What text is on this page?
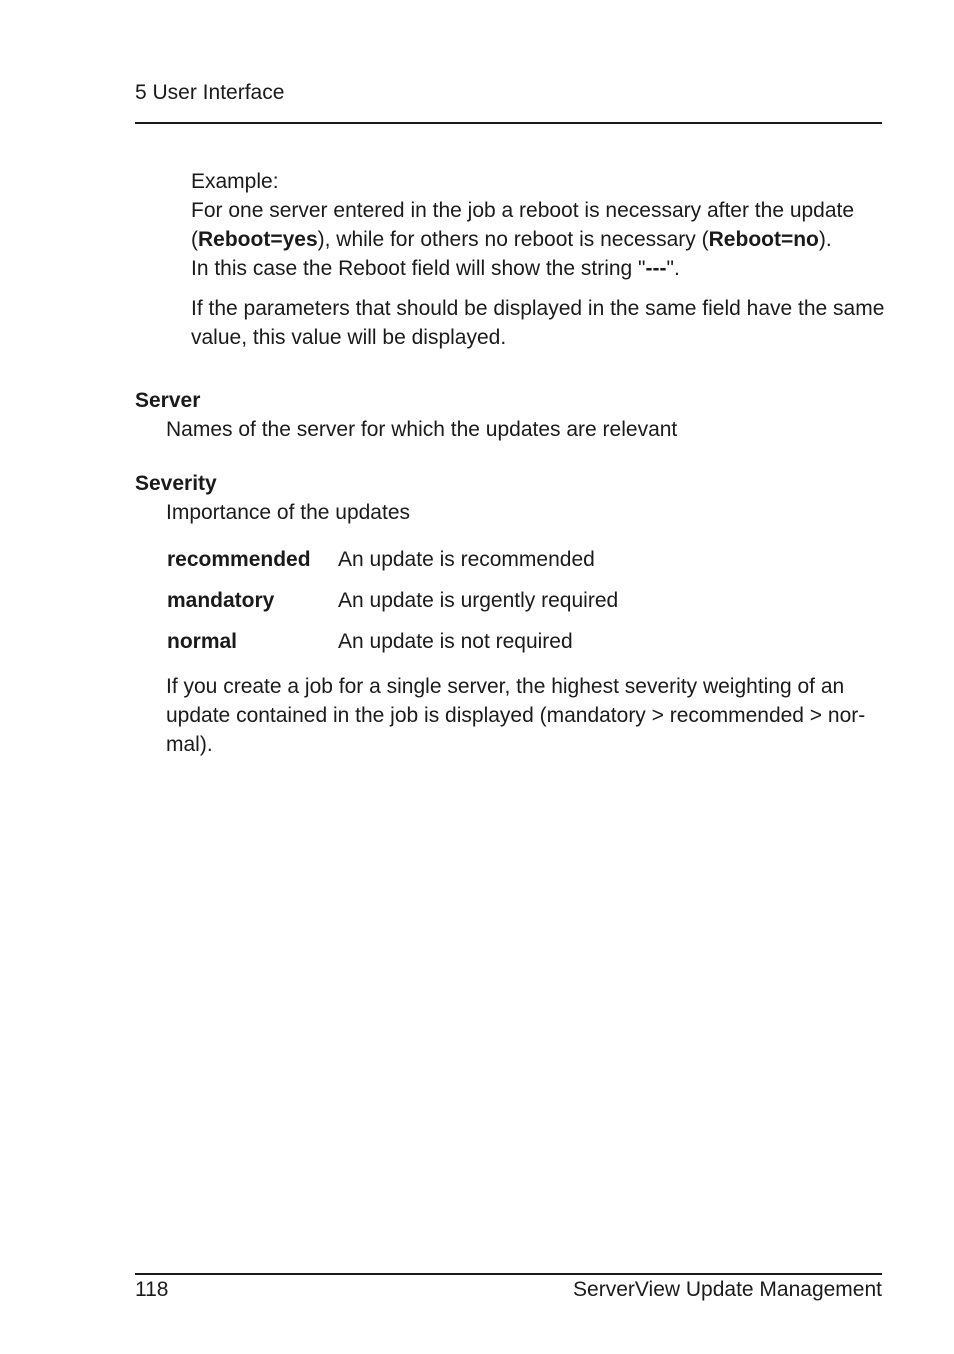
5 User Interface

Example:

For one server entered in the job a reboot is necessary after the update

(Reboot=yes), while for others no reboot is necessary (Reboot=no).

In this case the Reboot field will show the string "---".

If the parameters that should be displayed in the same field have the same value, this value will be displayed.

Server
Names of the server for which the updates are relevant
Severity
Importance of the updates
recommended	An update is recommended
mandatory	An update is urgently required
normal	An update is not required
If you create a job for a single server, the highest severity weighting of an
update contained in the job is displayed (mandatory > recommended > nor-
mal).
118	ServerView Update Management
